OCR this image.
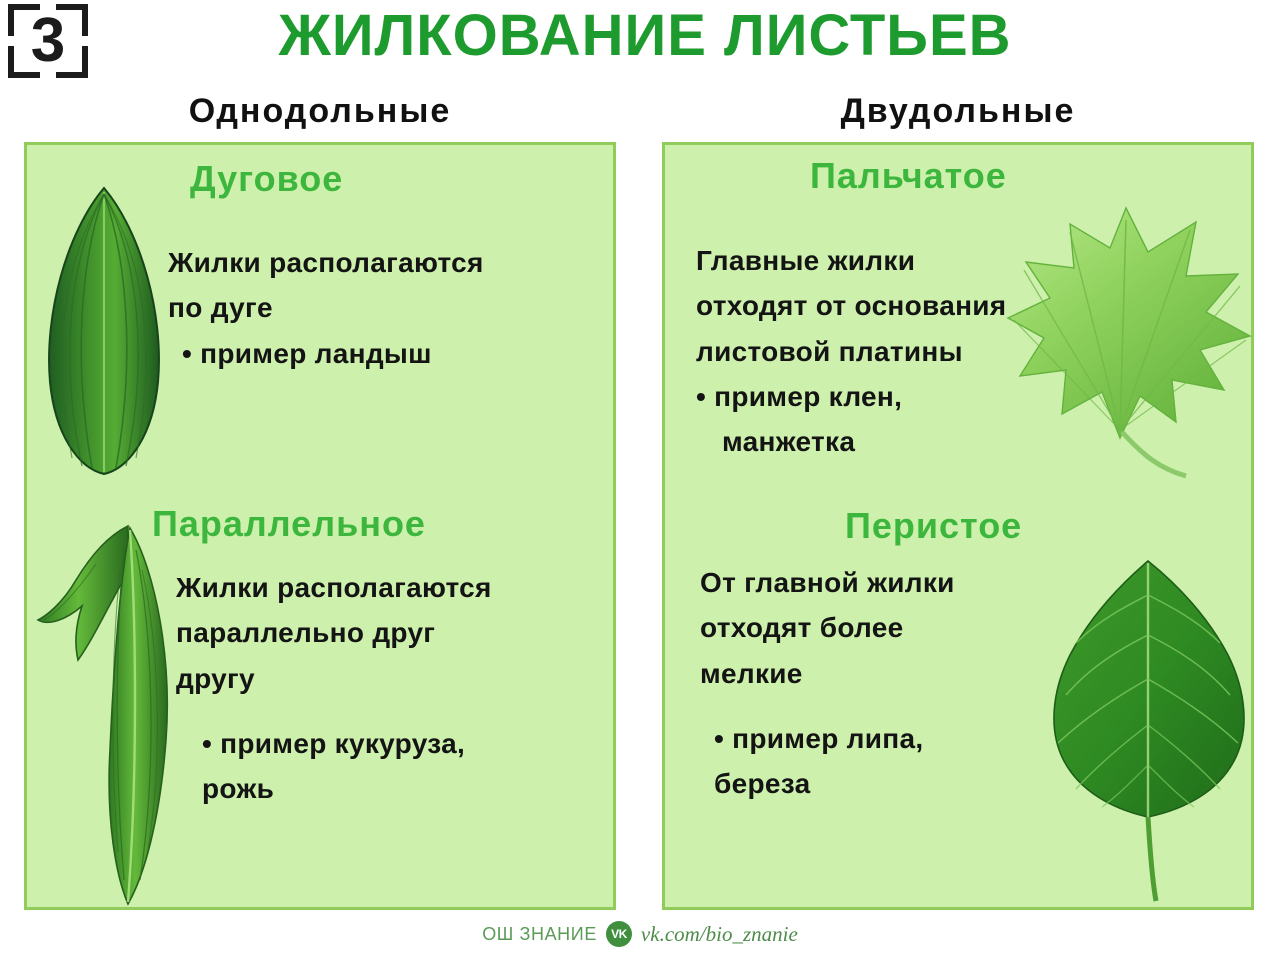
3	ЖИЛКОВАНИЕ ЛИСТЬЕВ
Однодольные	Двудольные
Дуговое
Жилки располагаются
по дуге
• пример ландыш
Параллельное
Жилки располагаются
параллельно друг
другу
• пример кукуруза,
рожь
Пальчатое
Главные жилки
отходят от основания
листовой платины
• пример клен,
манжетка
Перистое
От главной жилки
отходят более
мелкие
• пример липа,
береза
ОШ ЗНАНИЕ	VK vk.com/bio_znanie
